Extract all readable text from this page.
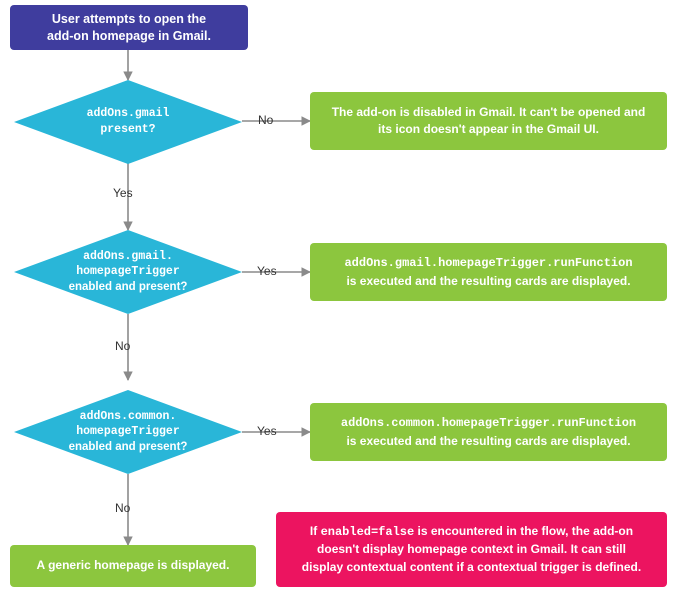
User attempts to open the
add-on homepage in Gmail.
addOns.gmail
present?
No
Yes
The add-on is disabled in Gmail. It can't be opened and
its icon doesn't appear in the Gmail UI.
addOns.gmail.
homepageTrigger
enabled and present?
Yes
No
addOns.gmail.homepageTrigger.runFunction
is executed and the resulting cards are displayed.
addOns.common.
homepageTrigger
enabled and present?
Yes
No
addOns.common.homepageTrigger.runFunction
is executed and the resulting cards are displayed.
A generic homepage is displayed.
If enabled=false is encountered in the flow, the add-on
doesn't display homepage context in Gmail. It can still
display contextual content if a contextual trigger is defined.
